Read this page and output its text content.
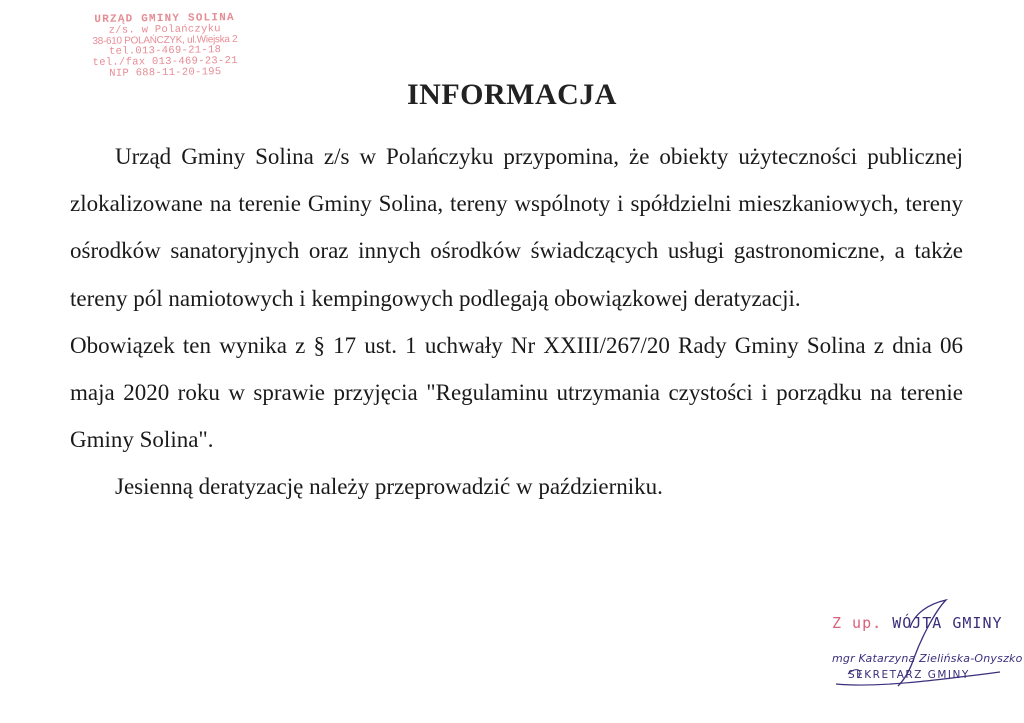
URZĄD GMINY SOLINA
z/s. w Polańczyku
38-610 POLAŃCZYK, ul.Wiejska 2
tel.013-469-21-18
tel./fax 013-469-23-21
NIP 688-11-20-195
INFORMACJA

Urząd Gminy Solina z/s w Polańczyku przypomina, że obiekty użyteczności publicznej zlokalizowane na terenie Gminy Solina, tereny wspólnoty i spółdzielni mieszkaniowych, tereny ośrodków sanatoryjnych oraz innych ośrodków świadczących usługi gastronomiczne, a także tereny pól namiotowych i kempingowych podlegają obowiązkowej deratyzacji.

Obowiązek ten wynika z § 17 ust. 1 uchwały Nr XXIII/267/20 Rady Gminy Solina z dnia 06 maja 2020 roku w sprawie przyjęcia "Regulaminu utrzymania czystości i porządku na terenie Gminy Solina".

Jesienną deratyzację należy przeprowadzić w październiku.

Z up. WÓJTA GMINY
mgr Katarzyna Zielińska-Onyszko
SEKRETARZ GMINY
